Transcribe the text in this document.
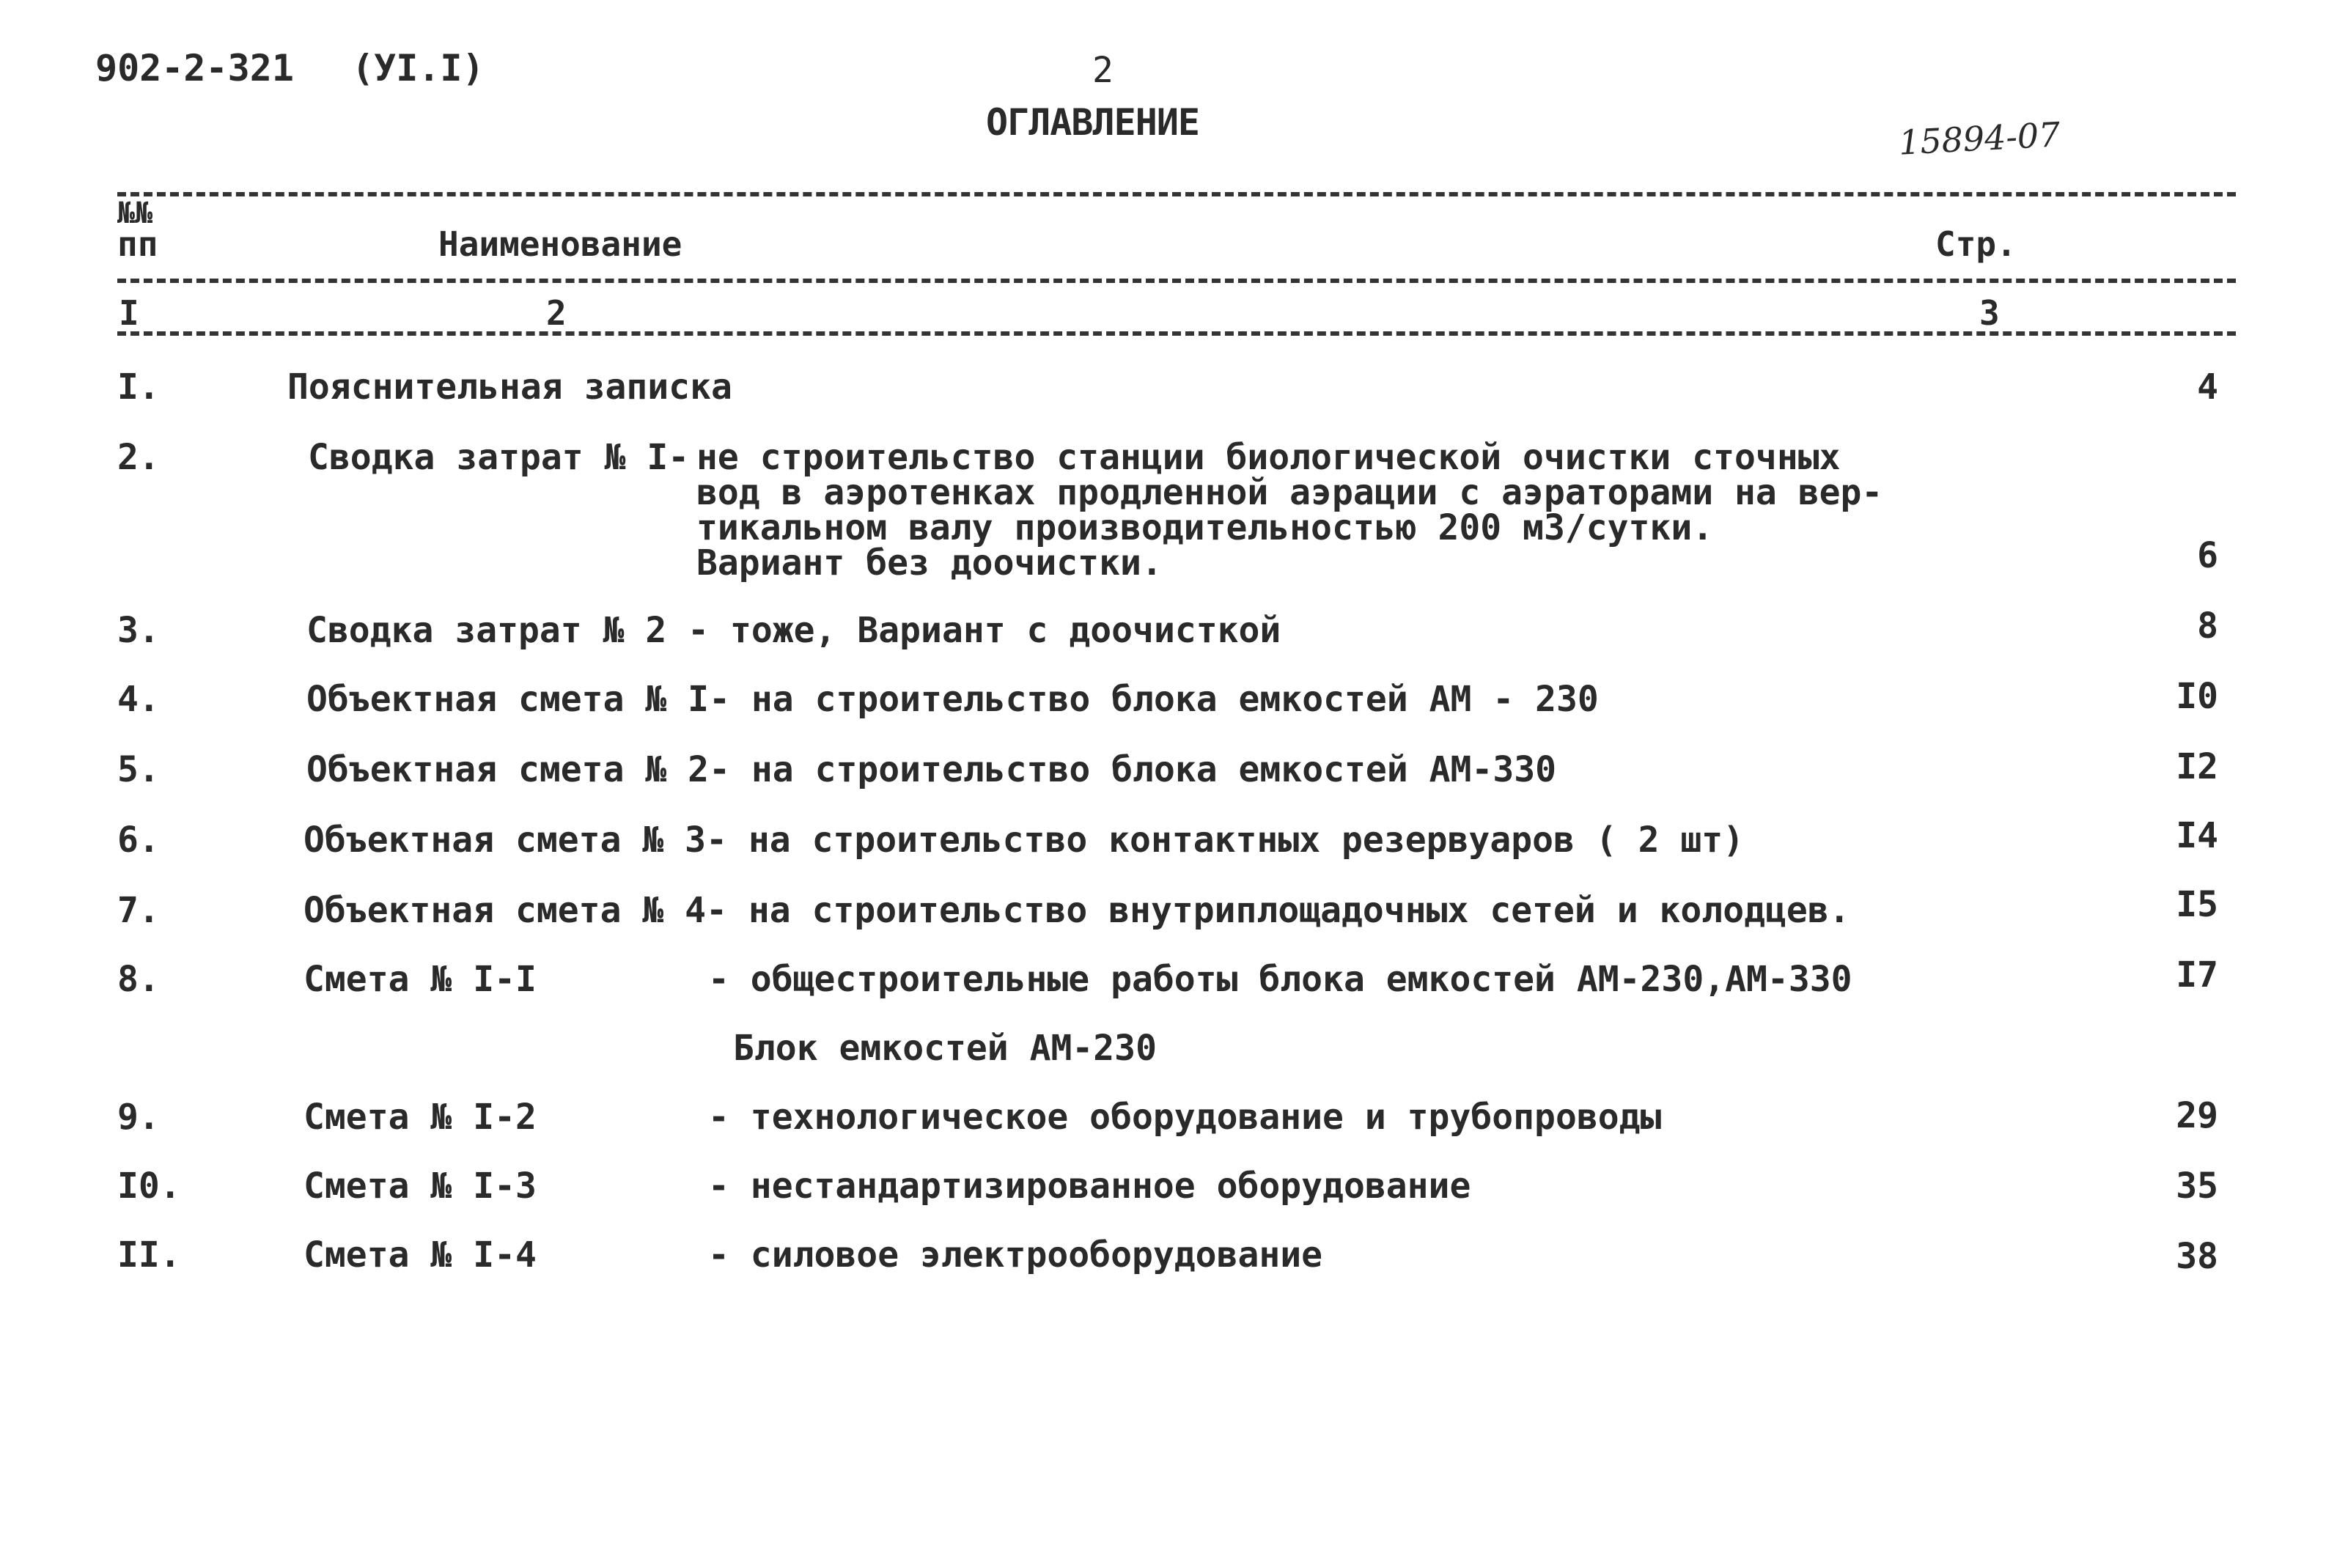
902-2-321 (УI.I)	2
ОГЛАВЛЕНИЕ	15894-07
№№
пп	Наименование	Стр.
I	2	3
I.	Пояснительная записка	4
2.	Сводка затрат № I- не строительство станции биологической очистки сточных
вод в аэротенках продленной аэрации с аэраторами на вер-
тикальном валу производительностью 200 м3/сутки.
Вариант без доочистки.	6
3.	Сводка затрат № 2 - тоже, Вариант с доочисткой	8
4.	Объектная смета № I- на строительство блока емкостей АМ - 230	I0
5.	Объектная смета № 2- на строительство блока емкостей АМ-330	I2
6.	Объектная смета № 3- на строительство контактных резервуаров ( 2 шт)	I4
7.	Объектная смета № 4- на строительство внутриплощадочных сетей и колодцев.	I5
8.	Смета № I-I	- общестроительные работы блока емкостей АМ-230,АМ-330	I7
Блок емкостей АМ-230
9.	Смета № I-2	- технологическое оборудование и трубопроводы	29
I0.	Смета № I-3	- нестандартизированное оборудование	35
II.	Смета № I-4	- силовое электрооборудование	38
